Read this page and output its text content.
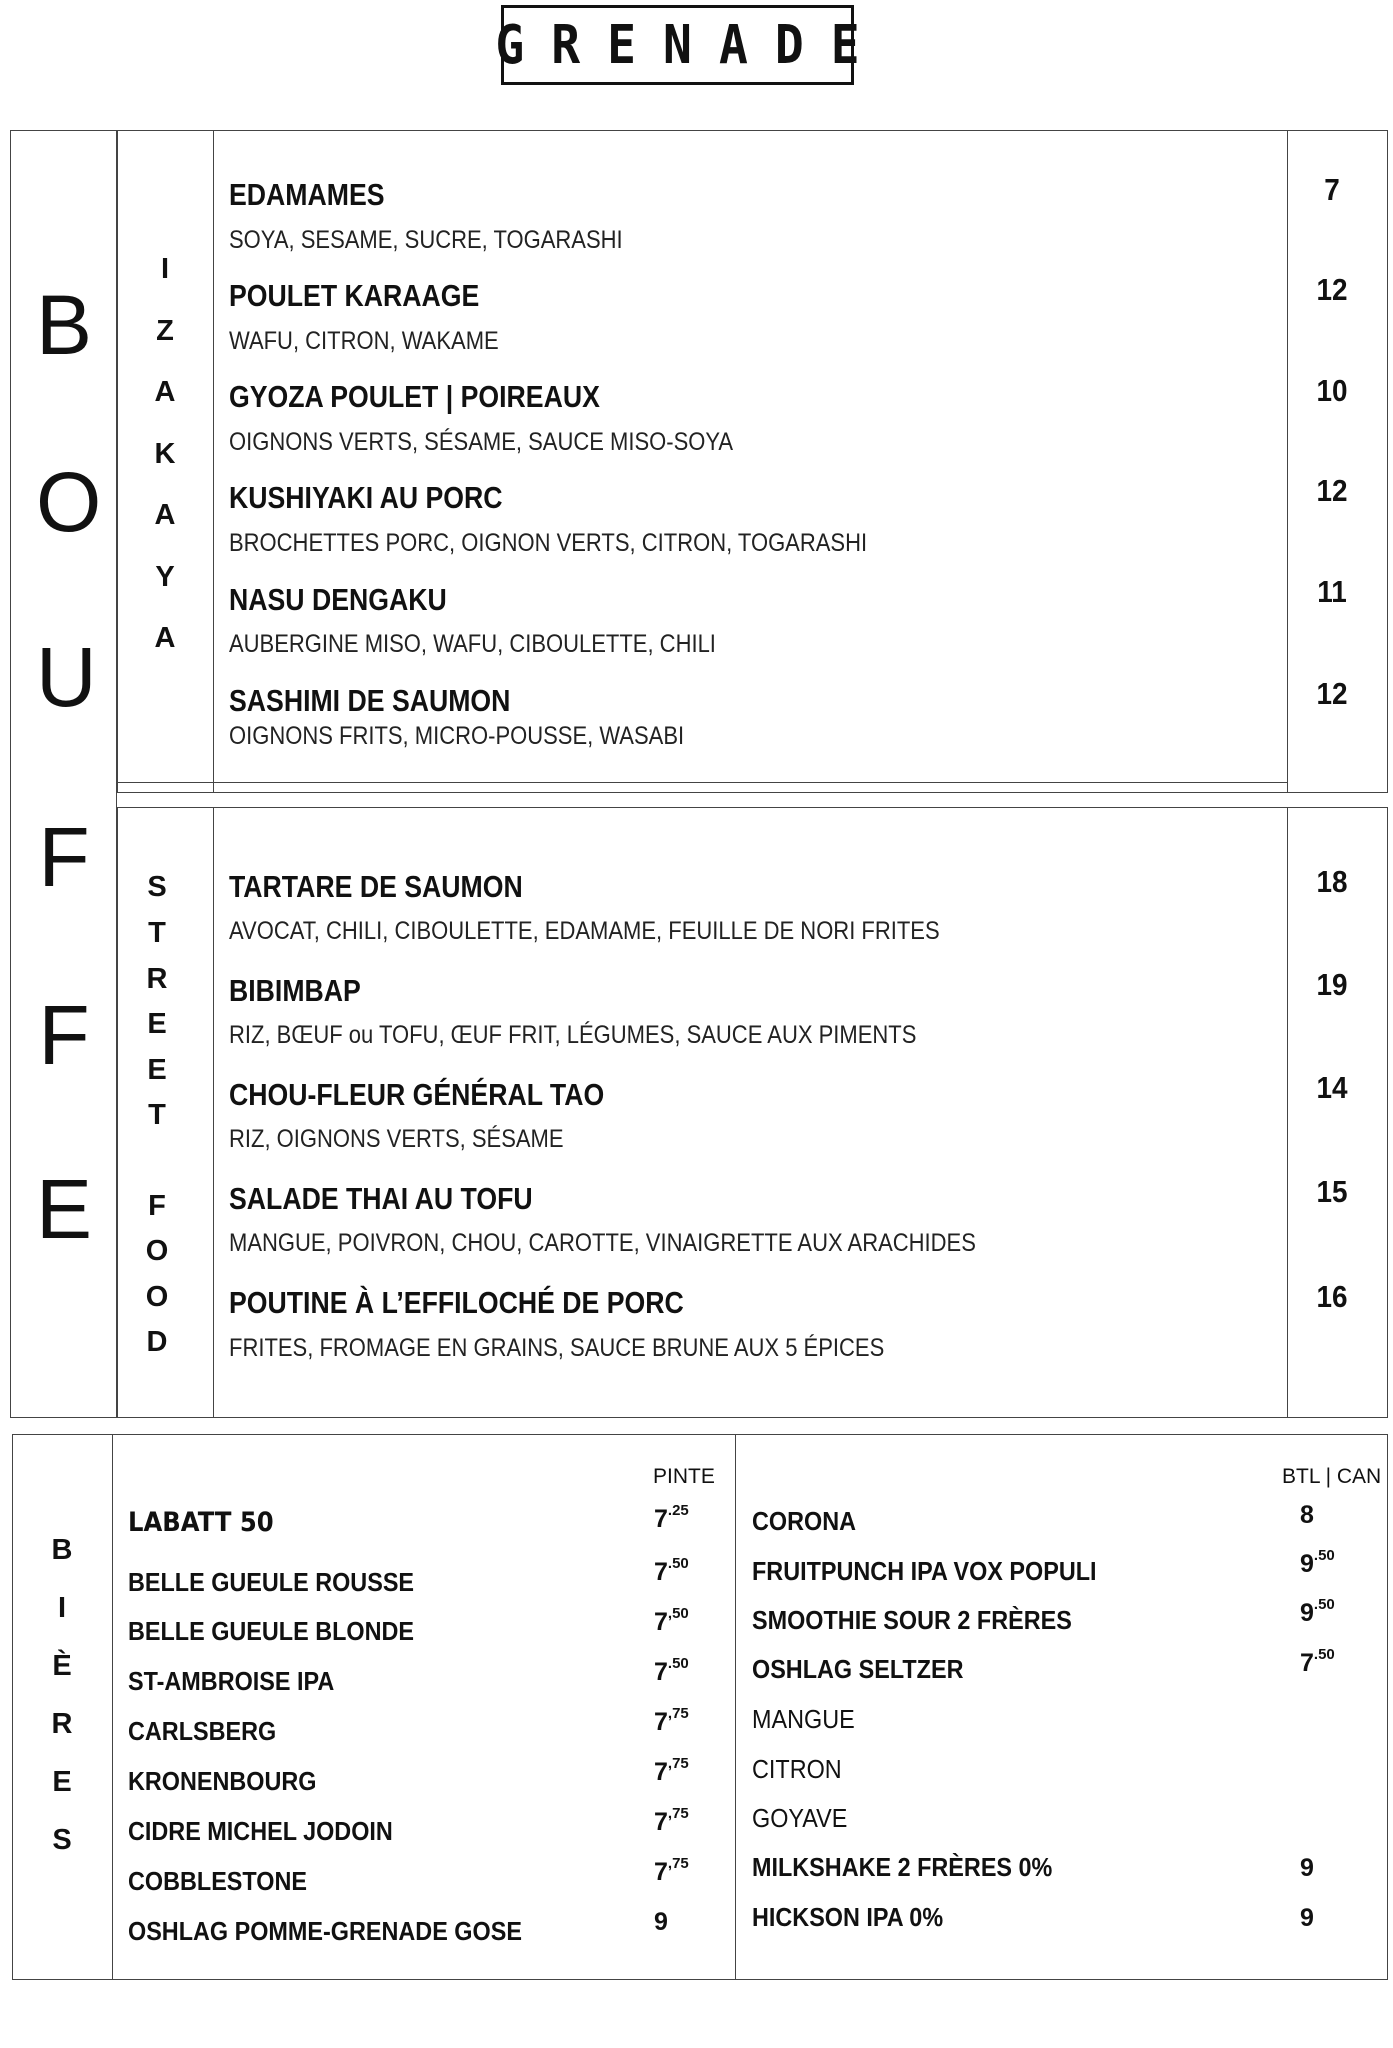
GRENADE
B
O
U
F
F
E
I
Z
A
K
A
Y
A
EDAMAMES
SOYA, SESAME, SUCRE, TOGARASHI
7
POULET KARAAGE
WAFU, CITRON, WAKAME
12
GYOZA POULET | POIREAUX
OIGNONS VERTS, SÉSAME, SAUCE MISO-SOYA
10
KUSHIYAKI AU PORC
BROCHETTES PORC, OIGNON VERTS, CITRON, TOGARASHI
12
NASU DENGAKU
AUBERGINE MISO, WAFU, CIBOULETTE, CHILI
11
SASHIMI DE SAUMON
OIGNONS FRITS, MICRO-POUSSE, WASABI
12
S
T
R
E
E
T
F
O
O
D
TARTARE DE SAUMON
AVOCAT, CHILI, CIBOULETTE, EDAMAME, FEUILLE DE NORI FRITES
18
BIBIMBAP
RIZ, BŒUF ou TOFU, ŒUF FRIT, LÉGUMES, SAUCE AUX PIMENTS
19
CHOU-FLEUR GÉNÉRAL TAO
RIZ, OIGNONS VERTS, SÉSAME
14
SALADE THAI AU TOFU
MANGUE, POIVRON, CHOU, CAROTTE, VINAIGRETTE AUX ARACHIDES
15
POUTINE À L’EFFILOCHÉ DE PORC
FRITES, FROMAGE EN GRAINS, SAUCE BRUNE AUX 5 ÉPICES
16
B
I
È
R
E
S
PINTE
LABATT 50	$7^{.25}$
BELLE GUEULE ROUSSE	$7^{.50}$
BELLE GUEULE BLONDE	$7^{,50}$
ST-AMBROISE IPA	$7^{.50}$
CARLSBERG	$7^{,75}$
KRONENBOURG	$7^{,75}$
CIDRE MICHEL JODOIN	$7^{,75}$
COBBLESTONE	$7^{,75}$
OSHLAG POMME-GRENADE GOSE	9
BTL | CAN
CORONA	8
FRUITPUNCH IPA VOX POPULI	$9^{.50}$
SMOOTHIE SOUR 2 FRÈRES	$9^{.50}$
OSHLAG SELTZER	$7^{.50}$
MANGUE
CITRON
GOYAVE
MILKSHAKE 2 FRÈRES 0%	9
HICKSON IPA 0%	9
